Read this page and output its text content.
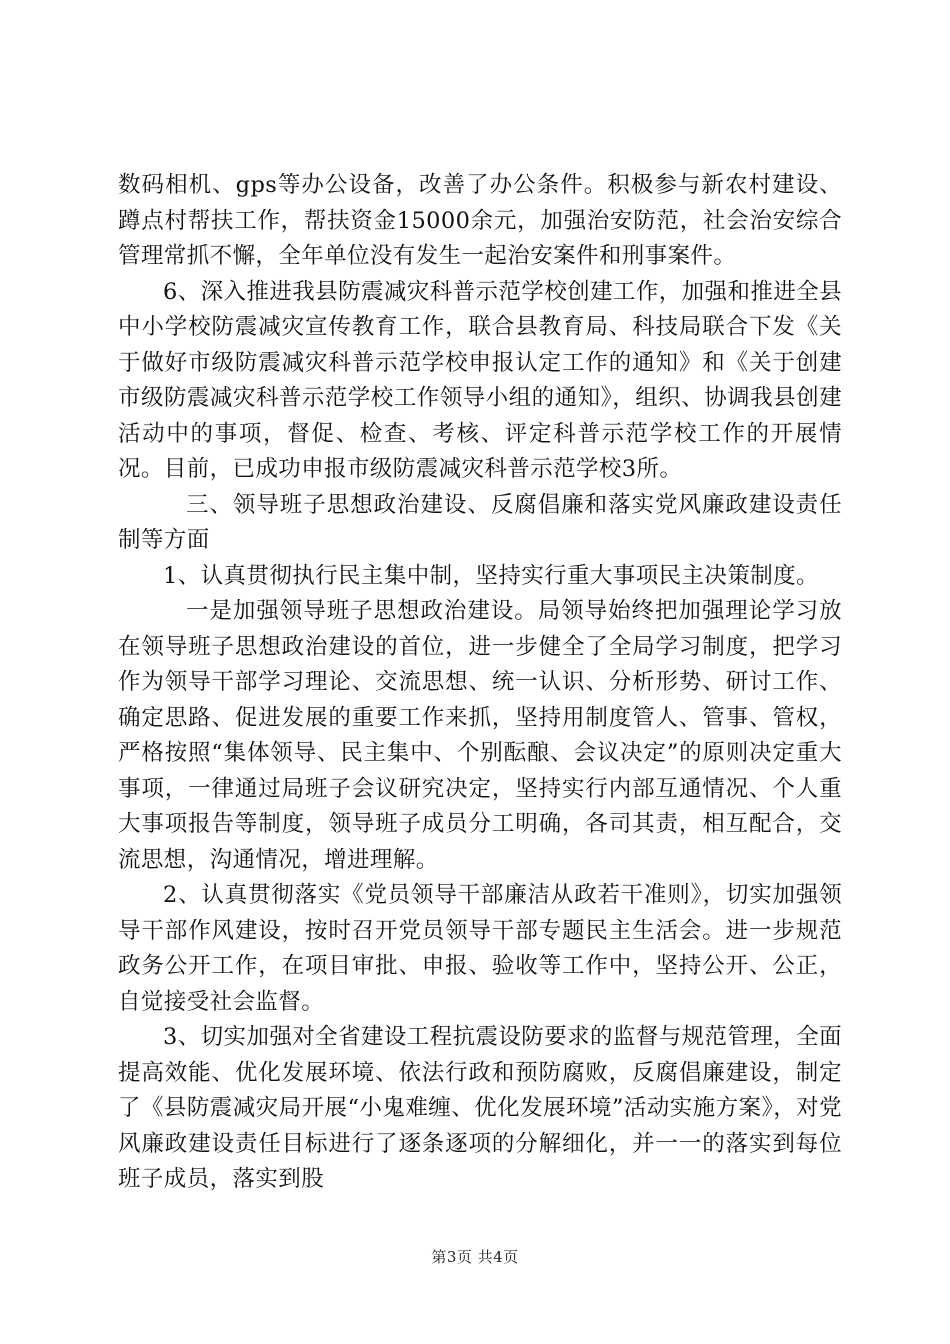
数码相机、gps等办公设备，改善了办公条件。积极参与新农村建设、蹲点村帮扶工作，帮扶资金15000余元，加强治安防范，社会治安综合管理常抓不懈，全年单位没有发生一起治安案件和刑事案件。

6、深入推进我县防震减灾科普示范学校创建工作，加强和推进全县中小学校防震减灾宣传教育工作，联合县教育局、科技局联合下发《关于做好市级防震减灾科普示范学校申报认定工作的通知》和《关于创建市级防震减灾科普示范学校工作领导小组的通知》，组织、协调我县创建活动中的事项，督促、检查、考核、评定科普示范学校工作的开展情况。目前，已成功申报市级防震减灾科普示范学校3所。

三、领导班子思想政治建设、反腐倡廉和落实党风廉政建设责任制等方面

1、认真贯彻执行民主集中制，坚持实行重大事项民主决策制度。

一是加强领导班子思想政治建设。局领导始终把加强理论学习放在领导班子思想政治建设的首位，进一步健全了全局学习制度，把学习作为领导干部学习理论、交流思想、统一认识、分析形势、研讨工作、确定思路、促进发展的重要工作来抓，坚持用制度管人、管事、管权，严格按照“集体领导、民主集中、个别酝酿、会议决定”的原则决定重大事项，一律通过局班子会议研究决定，坚持实行内部互通情况、个人重大事项报告等制度，领导班子成员分工明确，各司其责，相互配合，交流思想，沟通情况，增进理解。

2、认真贯彻落实《党员领导干部廉洁从政若干准则》，切实加强领导干部作风建设，按时召开党员领导干部专题民主生活会。进一步规范政务公开工作，在项目审批、申报、验收等工作中，坚持公开、公正，自觉接受社会监督。

3、切实加强对全省建设工程抗震设防要求的监督与规范管理，全面提高效能、优化发展环境、依法行政和预防腐败，反腐倡廉建设，制定了《县防震减灾局开展“小鬼难缠、优化发展环境”活动实施方案》，对党风廉政建设责任目标进行了逐条逐项的分解细化，并一一的落实到每位班子成员，落实到股

第3页 共4页
